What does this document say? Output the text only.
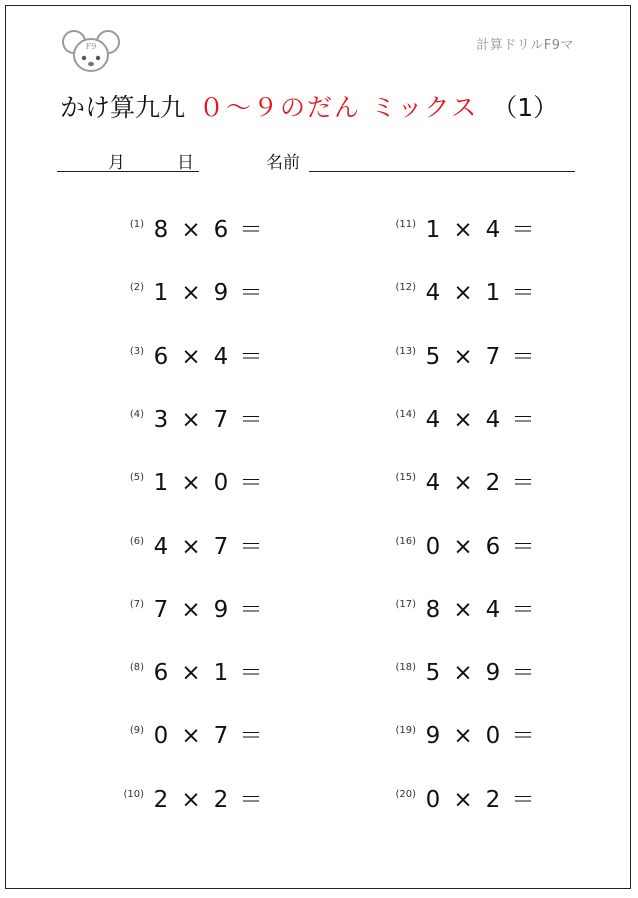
F9	計算ドリルF9マ
かけ算九九 ０～９のだん ミックス （1）
月	日	名前
(1) 8 × 6 ＝
(2) 1 × 9 ＝
(3) 6 × 4 ＝
(4) 3 × 7 ＝
(5) 1 × 0 ＝
(6) 4 × 7 ＝
(7) 7 × 9 ＝
(8) 6 × 1 ＝
(9) 0 × 7 ＝
(10) 2 × 2 ＝
(11) 1 × 4 ＝
(12) 4 × 1 ＝
(13) 5 × 7 ＝
(14) 4 × 4 ＝
(15) 4 × 2 ＝
(16) 0 × 6 ＝
(17) 8 × 4 ＝
(18) 5 × 9 ＝
(19) 9 × 0 ＝
(20) 0 × 2 ＝
